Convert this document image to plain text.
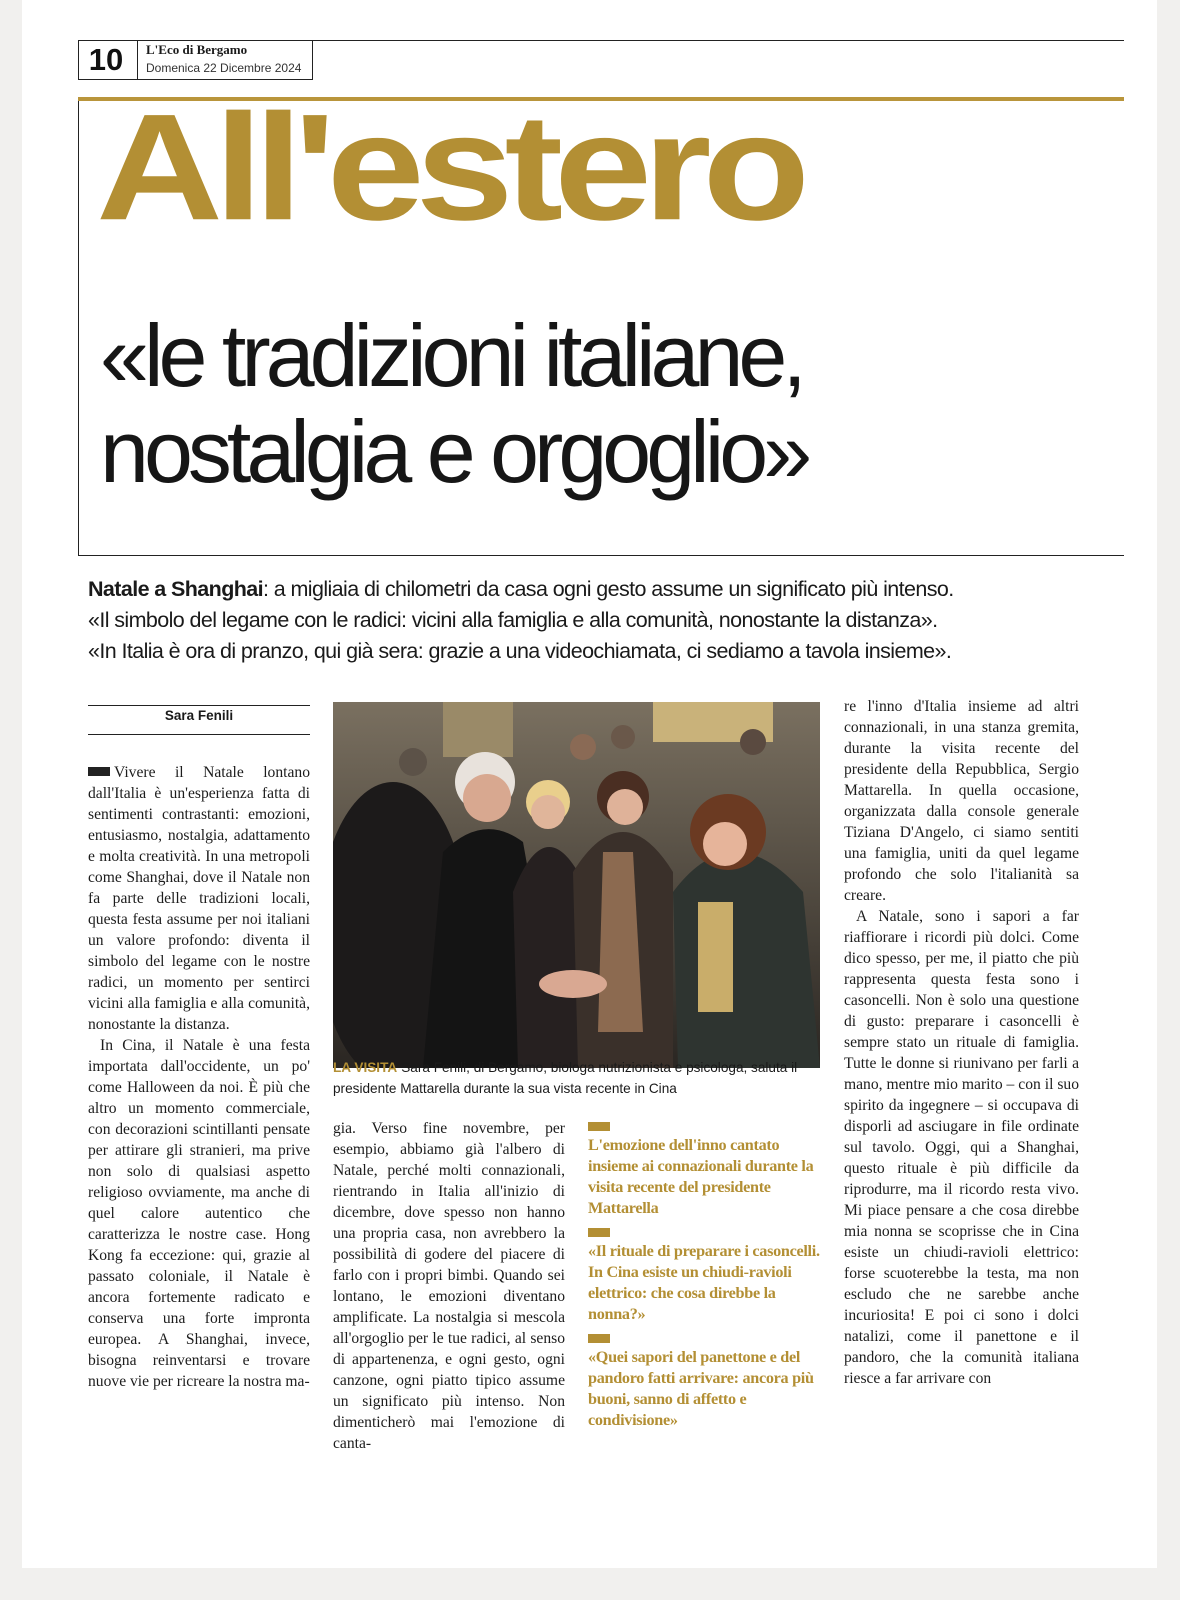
10	L'Eco di Bergamo
Domenica 22 Dicembre 2024
All'estero
«le tradizioni italiane,
nostalgia e orgoglio»
Natale a Shanghai: a migliaia di chilometri da casa ogni gesto assume un significato più intenso.
«Il simbolo del legame con le radici: vicini alla famiglia e alla comunità, nonostante la distanza».
«In Italia è ora di pranzo, qui già sera: grazie a una videochiamata, ci sediamo a tavola insieme».
Sara Fenili

Vivere il Natale lontano dall'Italia è un'esperienza fatta di sentimenti contrastanti: emozioni, entusiasmo, nostalgia, adattamento e molta creatività. In una metropoli come Shanghai, dove il Natale non fa parte delle tradizioni locali, questa festa assume per noi italiani un valore profondo: diventa il simbolo del legame con le nostre radici, un momento per sentirci vicini alla famiglia e alla comunità, nonostante la distanza.

In Cina, il Natale è una festa importata dall'occidente, un po' come Halloween da noi. È più che altro un momento commerciale, con decorazioni scintillanti pensate per attirare gli stranieri, ma prive non solo di qualsiasi aspetto religioso ovviamente, ma anche di quel calore autentico che caratterizza le nostre case. Hong Kong fa eccezione: qui, grazie al passato coloniale, il Natale è ancora fortemente radicato e conserva una forte impronta europea. A Shanghai, invece, bisogna reinventarsi e trovare nuove vie per ricreare la nostra ma-

LA VISITA Sara Fenili, di Bergamo, biologa nutrizionista e psicologa, saluta il presidente Mattarella durante la sua vista recente in Cina

gia. Verso fine novembre, per esempio, abbiamo già l'albero di Natale, perché molti connazionali, rientrando in Italia all'inizio di dicembre, dove spesso non hanno una propria casa, non avrebbero la possibilità di godere del piacere di farlo con i propri bimbi. Quando sei lontano, le emozioni diventano amplificate. La nostalgia si mescola all'orgoglio per le tue radici, al senso di appartenenza, e ogni gesto, ogni canzone, ogni piatto tipico assume un significato più intenso. Non dimenticherò mai l'emozione di canta-

L'emozione dell'inno cantato insieme ai connazionali durante la visita recente del presidente Mattarella
«Il rituale di preparare i casoncelli. In Cina esiste un chiudi-ravioli elettrico: che cosa direbbe la nonna?»
«Quei sapori del panettone e del pandoro fatti arrivare: ancora più buoni, sanno di affetto e condivisione»

re l'inno d'Italia insieme ad altri connazionali, in una stanza gremita, durante la visita recente del presidente della Repubblica, Sergio Mattarella. In quella occasione, organizzata dalla console generale Tiziana D'Angelo, ci siamo sentiti una famiglia, uniti da quel legame profondo che solo l'italianità sa creare.

A Natale, sono i sapori a far riaffiorare i ricordi più dolci. Come dico spesso, per me, il piatto che più rappresenta questa festa sono i casoncelli. Non è solo una questione di gusto: preparare i casoncelli è sempre stato un rituale di famiglia. Tutte le donne si riunivano per farli a mano, mentre mio marito – con il suo spirito da ingegnere – si occupava di disporli ad asciugare in file ordinate sul tavolo. Oggi, qui a Shanghai, questo rituale è più difficile da riprodurre, ma il ricordo resta vivo. Mi piace pensare a che cosa direbbe mia nonna se scoprisse che in Cina esiste un chiudi-ravioli elettrico: forse scuoterebbe la testa, ma non escludo che ne sarebbe anche incuriosita! E poi ci sono i dolci natalizi, come il panettone e il pandoro, che la comunità italiana riesce a far arrivare con
